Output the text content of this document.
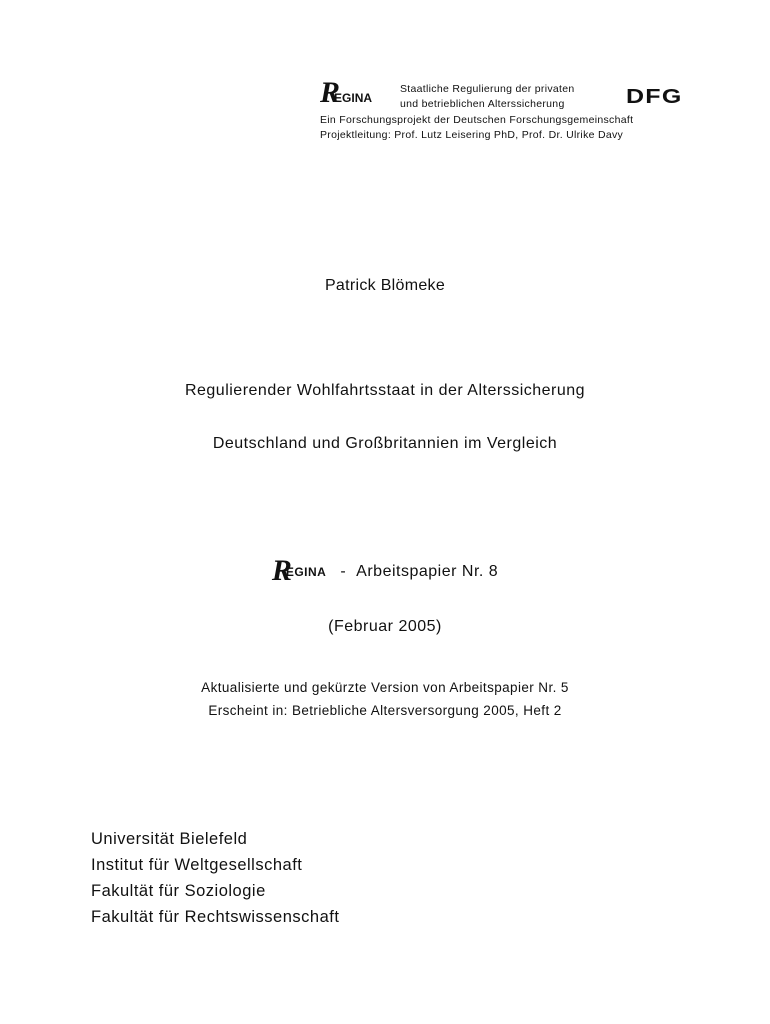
REGINA
Staatliche Regulierung der privaten
und betrieblichen Alterssicherung	DFG
Ein Forschungsprojekt der Deutschen Forschungsgemeinschaft
Projektleitung: Prof. Lutz Leisering PhD, Prof. Dr. Ulrike Davy
Patrick Blömeke
Regulierender Wohlfahrtsstaat in der Alterssicherung
Deutschland und Großbritannien im Vergleich
REGINA - Arbeitspapier Nr. 8
(Februar 2005)
Aktualisierte und gekürzte Version von Arbeitspapier Nr. 5
Erscheint in: Betriebliche Altersversorgung 2005, Heft 2
Universität Bielefeld
Institut für Weltgesellschaft
Fakultät für Soziologie
Fakultät für Rechtswissenschaft
